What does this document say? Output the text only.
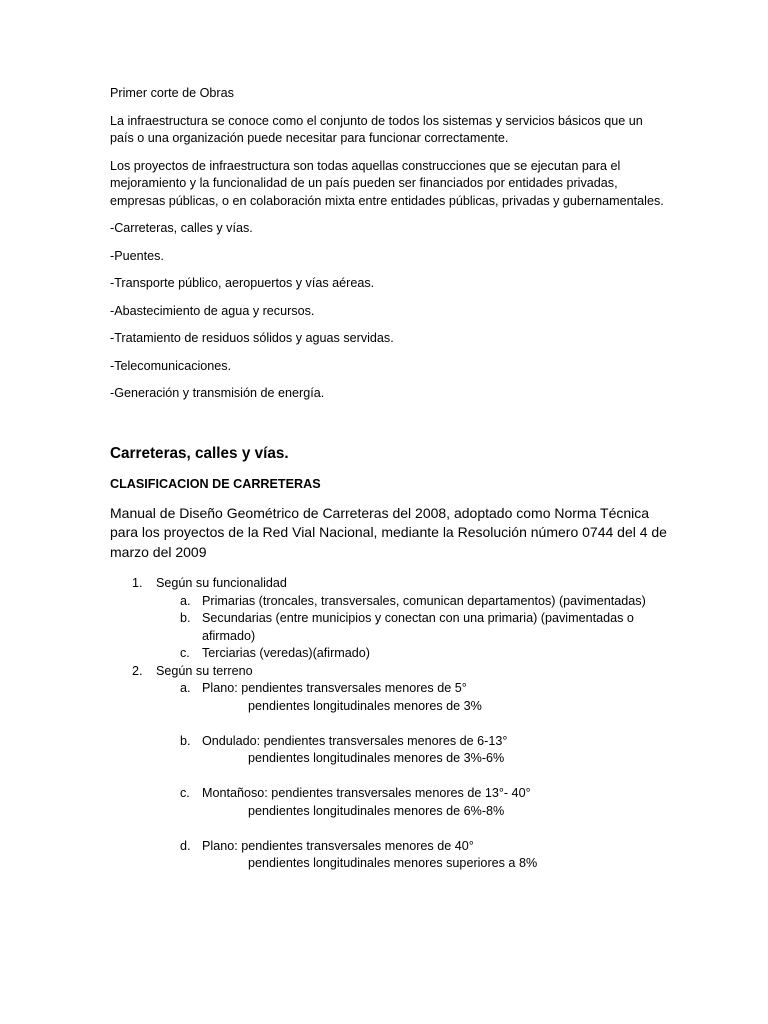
Primer corte de Obras

La infraestructura se conoce como el conjunto de todos los sistemas y servicios básicos que un país o una organización puede necesitar para funcionar correctamente.

Los proyectos de infraestructura son todas aquellas construcciones que se ejecutan para el mejoramiento y la funcionalidad de un país pueden ser financiados por entidades privadas, empresas públicas, o en colaboración mixta entre entidades públicas, privadas y gubernamentales.

-Carreteras, calles y vías.

-Puentes.

-Transporte público, aeropuertos y vías aéreas.

-Abastecimiento de agua y recursos.

-Tratamiento de residuos sólidos y aguas servidas.

-Telecomunicaciones.

-Generación y transmisión de energía.

Carreteras, calles y vías.
CLASIFICACION DE CARRETERAS

Manual de Diseño Geométrico de Carreteras del 2008, adoptado como Norma Técnica para los proyectos de la Red Vial Nacional, mediante la Resolución número 0744 del 4 de marzo del 2009

1. Según su funcionalidad
a. Primarias (troncales, transversales, comunican departamentos) (pavimentadas)
b. Secundarias (entre municipios y conectan con una primaria) (pavimentadas o afirmado)
c. Terciarias (veredas)(afirmado)
2. Según su terreno
a. Plano: pendientes transversales menores de 5°
pendientes longitudinales menores de 3%
b. Ondulado: pendientes transversales menores de 6-13°
pendientes longitudinales menores de 3%-6%
c. Montañoso: pendientes transversales menores de 13°- 40°
pendientes longitudinales menores de 6%-8%
d. Plano: pendientes transversales menores de 40°
pendientes longitudinales menores superiores a 8%
